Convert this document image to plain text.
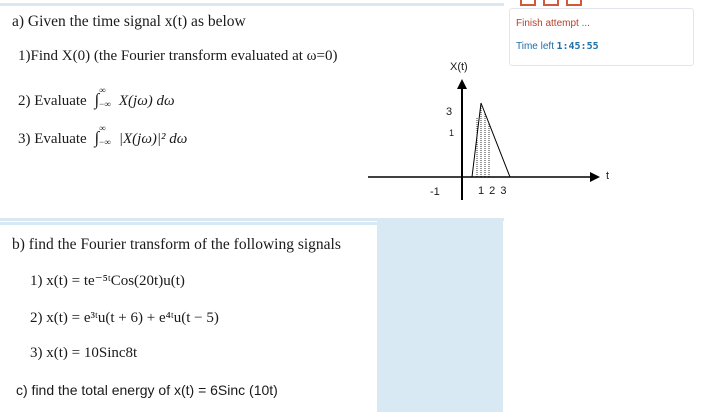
a) Given the time signal x(t) as below
1)Find X(0) (the Fourier transform evaluated at ω=0)
2) Evaluate ∫ ∞
−∞ X(jω) dω
3) Evaluate ∫ ∞
−∞ |X(jω)|² dω
X(t)
t
3
1
-1	1 2 3
b) find the Fourier transform of the following signals
1) x(t) = te⁻⁵ᵗCos(20t)u(t)
2) x(t) = e³ᵗu(t + 6) + e⁴ᵗu(t − 5)
3) x(t) = 10Sinc8t
c) find the total energy of x(t) = 6Sinc (10t)
Finish attempt ...
Time left 1:45:55
